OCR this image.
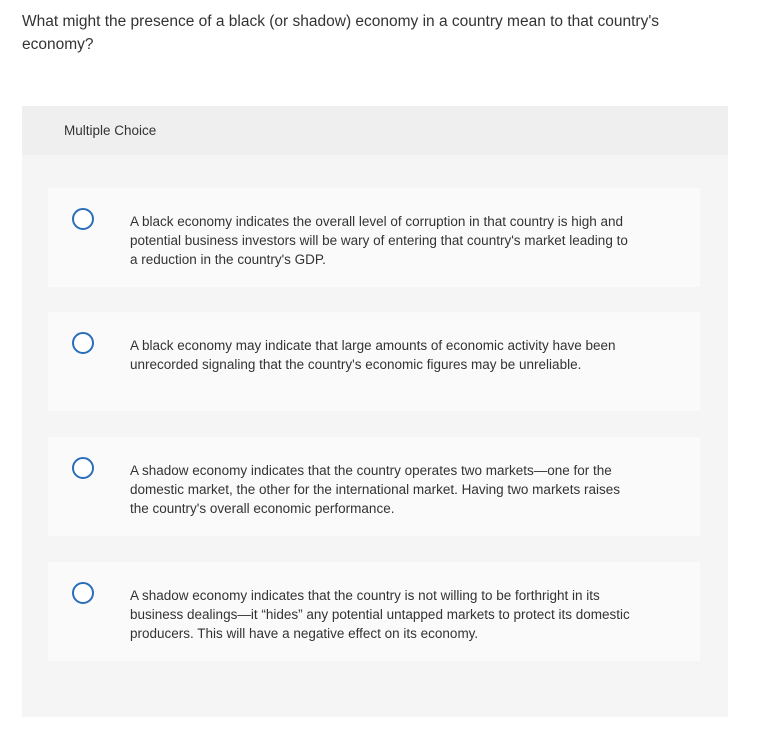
What might the presence of a black (or shadow) economy in a country mean to that country's economy?
Multiple Choice
A black economy indicates the overall level of corruption in that country is high and potential business investors will be wary of entering that country's market leading to a reduction in the country's GDP.
A black economy may indicate that large amounts of economic activity have been unrecorded signaling that the country's economic figures may be unreliable.
A shadow economy indicates that the country operates two markets—one for the domestic market, the other for the international market. Having two markets raises the country's overall economic performance.
A shadow economy indicates that the country is not willing to be forthright in its business dealings—it “hides” any potential untapped markets to protect its domestic producers. This will have a negative effect on its economy.
